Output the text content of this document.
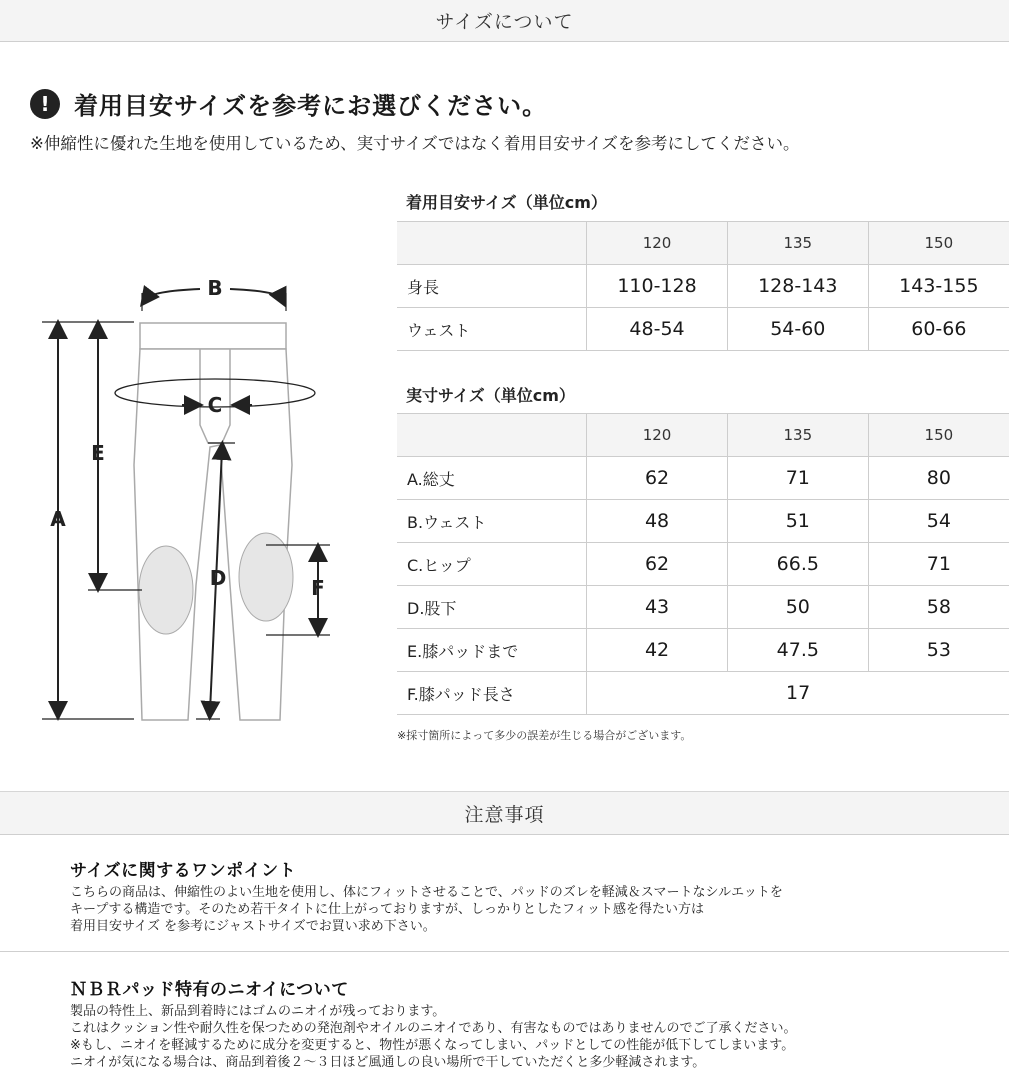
サイズについて
!	着用目安サイズを参考にお選びください。
※伸縮性に優れた生地を使用しているため、実寸サイズではなく着用目安サイズを参考にしてください。
B
C
A
E
D	F
着用目安サイズ（単位cm）
	120	135	150
身長	110-128	128-143	143-155
ウェスト	48-54	54-60	60-66
実寸サイズ（単位cm）
	120	135	150
A.総丈	62	71	80
B.ウェスト	48	51	54
C.ヒップ	62	66.5	71
D.股下	43	50	58
E.膝パッドまで	42	47.5	53
F.膝パッド長さ	17		
※採寸箇所によって多少の誤差が生じる場合がございます。
注意事項
サイズに関するワンポイント
こちらの商品は、伸縮性のよい生地を使用し、体にフィットさせることで、パッドのズレを軽減＆スマートなシルエットを
キープする構造です。そのため若干タイトに仕上がっておりますが、しっかりとしたフィット感を得たい方は
着用目安サイズ を参考にジャストサイズでお買い求め下さい。
ＮＢＲパッド特有のニオイについて
製品の特性上、新品到着時にはゴムのニオイが残っております。
これはクッション性や耐久性を保つための発泡剤やオイルのニオイであり、有害なものではありませんのでご了承ください。
※もし、ニオイを軽減するために成分を変更すると、物性が悪くなってしまい、パッドとしての性能が低下してしまいます。
ニオイが気になる場合は、商品到着後２～３日ほど風通しの良い場所で干していただくと多少軽減されます。
